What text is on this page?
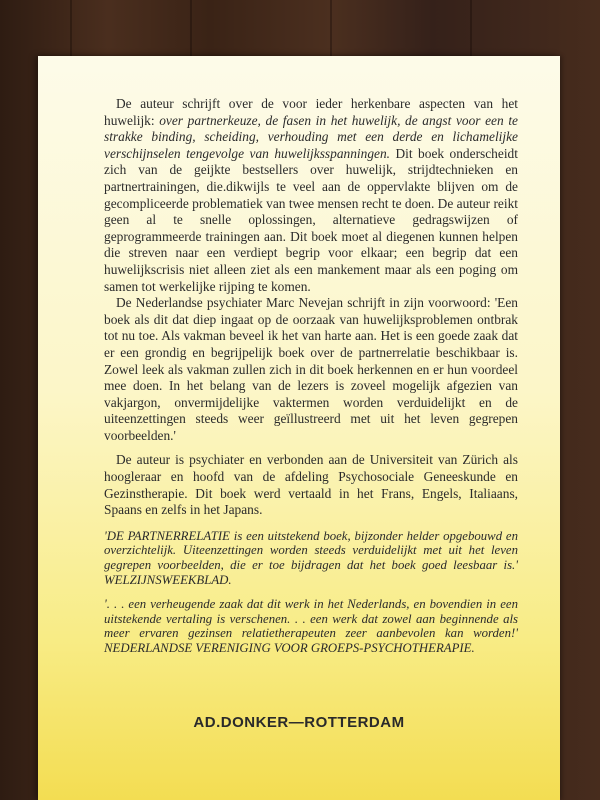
AD.DONKER—ROTTERDAM

De auteur schrijft over de voor ieder herkenbare aspecten van het huwelijk: over partnerkeuze, de fasen in het huwelijk, de angst voor een te strakke binding, scheiding, verhouding met een derde en lichamelijke verschijnselen tengevolge van huwelijksspanningen. Dit boek onderscheidt zich van de geijkte bestsellers over huwelijk, strijdtechnieken en partnertrainingen, die.dikwijls te veel aan de oppervlakte blijven om de gecompliceerde problematiek van twee mensen recht te doen. De auteur reikt geen al te snelle oplossingen, alternatieve gedragswijzen of geprogrammeerde trainingen aan. Dit boek moet al diegenen kunnen helpen die streven naar een verdiept begrip voor elkaar; een begrip dat een huwelijkscrisis niet alleen ziet als een mankement maar als een poging om samen tot werkelijke rijping te komen.

De Nederlandse psychiater Marc Nevejan schrijft in zijn voorwoord: 'Een boek als dit dat diep ingaat op de oorzaak van huwelijksproblemen ontbrak tot nu toe. Als vakman beveel ik het van harte aan. Het is een goede zaak dat er een grondig en begrijpelijk boek over de partnerrelatie beschikbaar is. Zowel leek als vakman zullen zich in dit boek herkennen en er hun voordeel mee doen. In het belang van de lezers is zoveel mogelijk afgezien van vakjargon, onvermijdelijke vaktermen worden verduidelijkt en de uiteenzettingen steeds weer geïllustreerd met uit het leven gegrepen voorbeelden.'

De auteur is psychiater en verbonden aan de Universiteit van Zürich als hoogleraar en hoofd van de afdeling Psychosociale Geneeskunde en Gezinstherapie. Dit boek werd vertaald in het Frans, Engels, Italiaans, Spaans en zelfs in het Japans.

'DE PARTNERRELATIE is een uitstekend boek, bijzonder helder opgebouwd en overzichtelijk. Uiteenzettingen worden steeds verduidelijkt met uit het leven gegrepen voorbeelden, die er toe bijdragen dat het boek goed leesbaar is.' WELZIJNSWEEKBLAD.
'. . . een verheugende zaak dat dit werk in het Nederlands, en bovendien in een uitstekende vertaling is verschenen. . . een werk dat zowel aan beginnende als meer ervaren gezinsen relatietherapeuten zeer aanbevolen kan worden!' NEDERLANDSE VERENIGING VOOR GROEPS-PSYCHOTHERAPIE.
